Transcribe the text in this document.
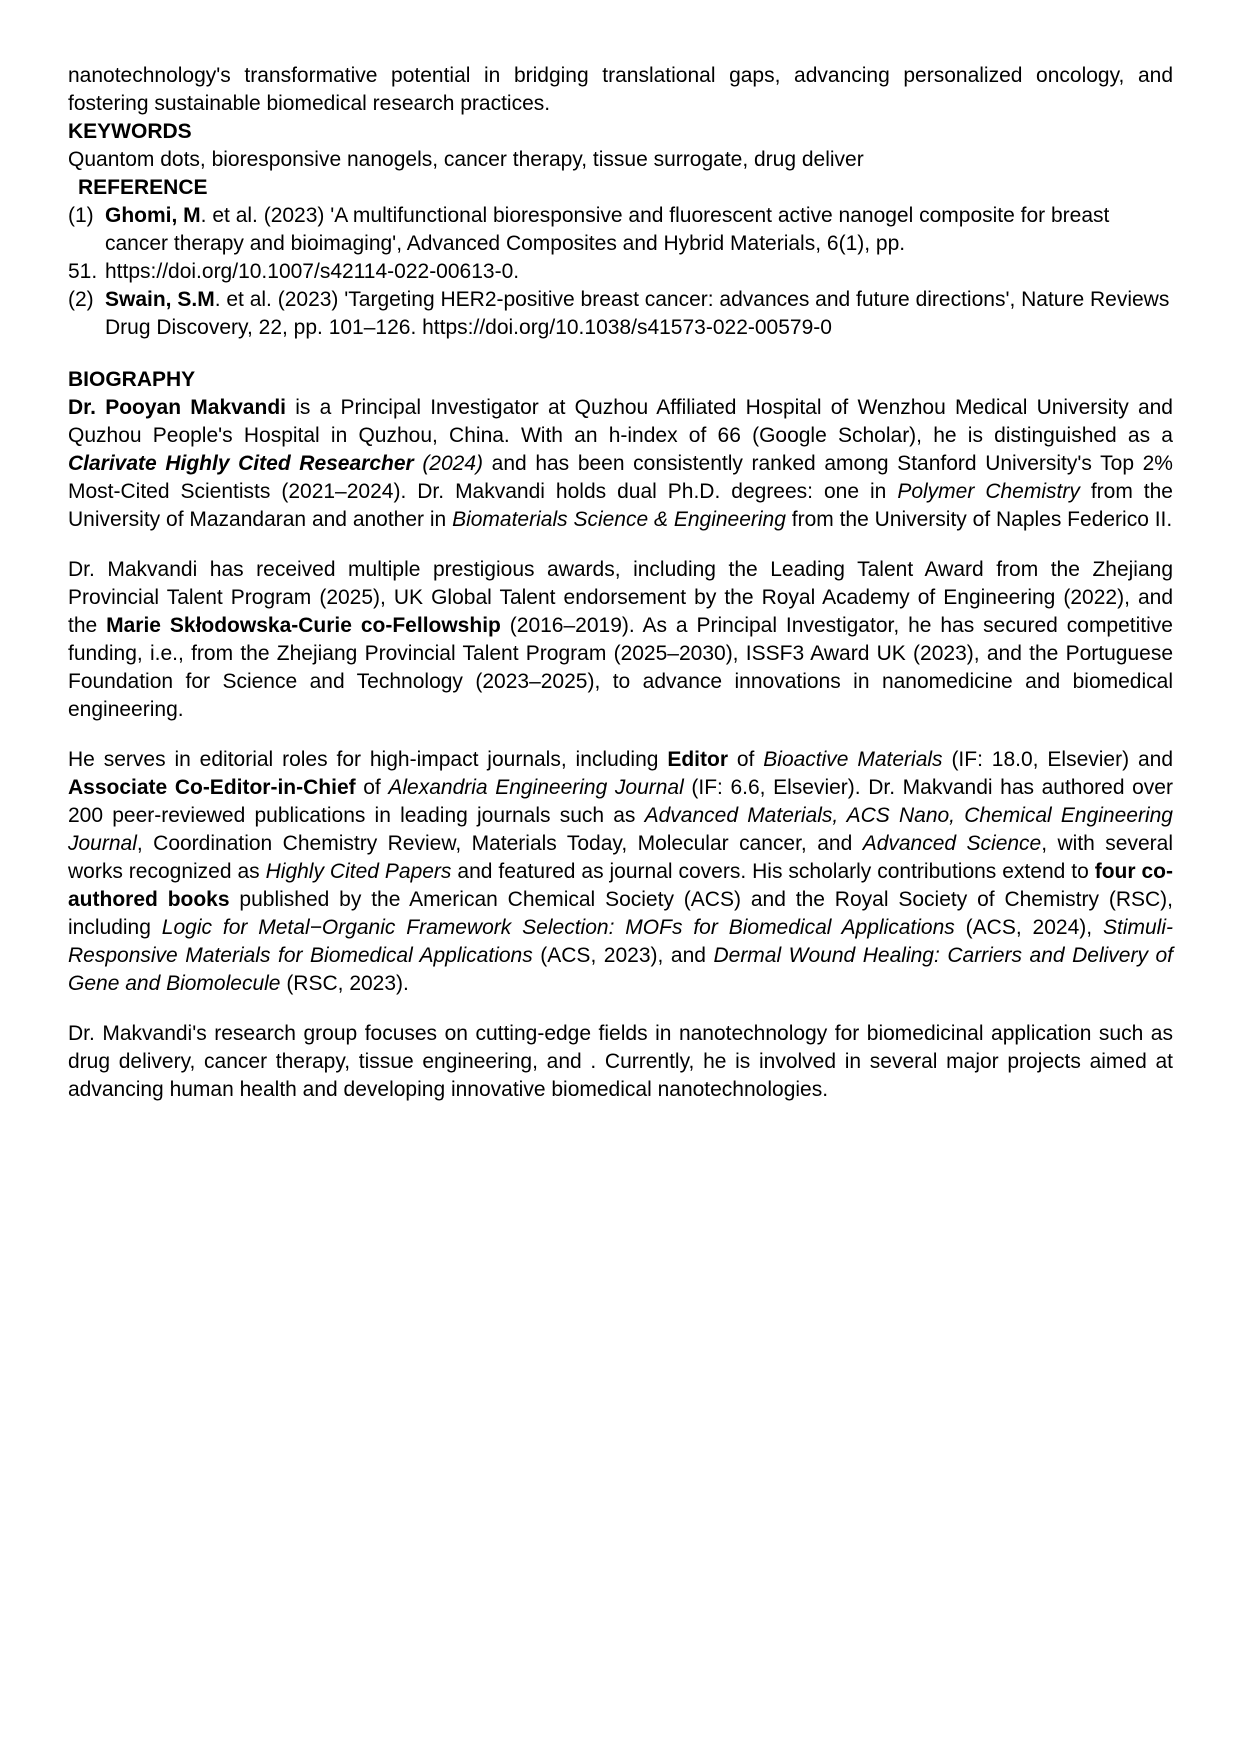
nanotechnology's transformative potential in bridging translational gaps, advancing personalized oncology, and fostering sustainable biomedical research practices.

KEYWORDS

Quantom dots, bioresponsive nanogels, cancer therapy, tissue surrogate, drug deliver

REFERENCE

(1) Ghomi, M. et al. (2023) 'A multifunctional bioresponsive and fluorescent active nanogel composite for breast cancer therapy and bioimaging', Advanced Composites and Hybrid Materials, 6(1), pp.
51. https://doi.org/10.1007/s42114-022-00613-0.
(2) Swain, S.M. et al. (2023) 'Targeting HER2-positive breast cancer: advances and future directions', Nature Reviews Drug Discovery, 22, pp. 101–126. https://doi.org/10.1038/s41573-022-00579-0

BIOGRAPHY

Dr. Pooyan Makvandi is a Principal Investigator at Quzhou Affiliated Hospital of Wenzhou Medical University and Quzhou People's Hospital in Quzhou, China. With an h-index of 66 (Google Scholar), he is distinguished as a Clarivate Highly Cited Researcher (2024) and has been consistently ranked among Stanford University's Top 2% Most-Cited Scientists (2021–2024). Dr. Makvandi holds dual Ph.D. degrees: one in Polymer Chemistry from the University of Mazandaran and another in Biomaterials Science & Engineering from the University of Naples Federico II.

Dr. Makvandi has received multiple prestigious awards, including the Leading Talent Award from the Zhejiang Provincial Talent Program (2025), UK Global Talent endorsement by the Royal Academy of Engineering (2022), and the Marie Skłodowska-Curie co-Fellowship (2016–2019). As a Principal Investigator, he has secured competitive funding, i.e., from the Zhejiang Provincial Talent Program (2025–2030), ISSF3 Award UK (2023), and the Portuguese Foundation for Science and Technology (2023–2025), to advance innovations in nanomedicine and biomedical engineering.

He serves in editorial roles for high-impact journals, including Editor of Bioactive Materials (IF: 18.0, Elsevier) and Associate Co-Editor-in-Chief of Alexandria Engineering Journal (IF: 6.6, Elsevier). Dr. Makvandi has authored over 200 peer-reviewed publications in leading journals such as Advanced Materials, ACS Nano, Chemical Engineering Journal, Coordination Chemistry Review, Materials Today, Molecular cancer, and Advanced Science, with several works recognized as Highly Cited Papers and featured as journal covers. His scholarly contributions extend to four co-authored books published by the American Chemical Society (ACS) and the Royal Society of Chemistry (RSC), including Logic for Metal−Organic Framework Selection: MOFs for Biomedical Applications (ACS, 2024), Stimuli-Responsive Materials for Biomedical Applications (ACS, 2023), and Dermal Wound Healing: Carriers and Delivery of Gene and Biomolecule (RSC, 2023).

Dr. Makvandi's research group focuses on cutting-edge fields in nanotechnology for biomedicinal application such as drug delivery, cancer therapy, tissue engineering, and . Currently, he is involved in several major projects aimed at advancing human health and developing innovative biomedical nanotechnologies.
